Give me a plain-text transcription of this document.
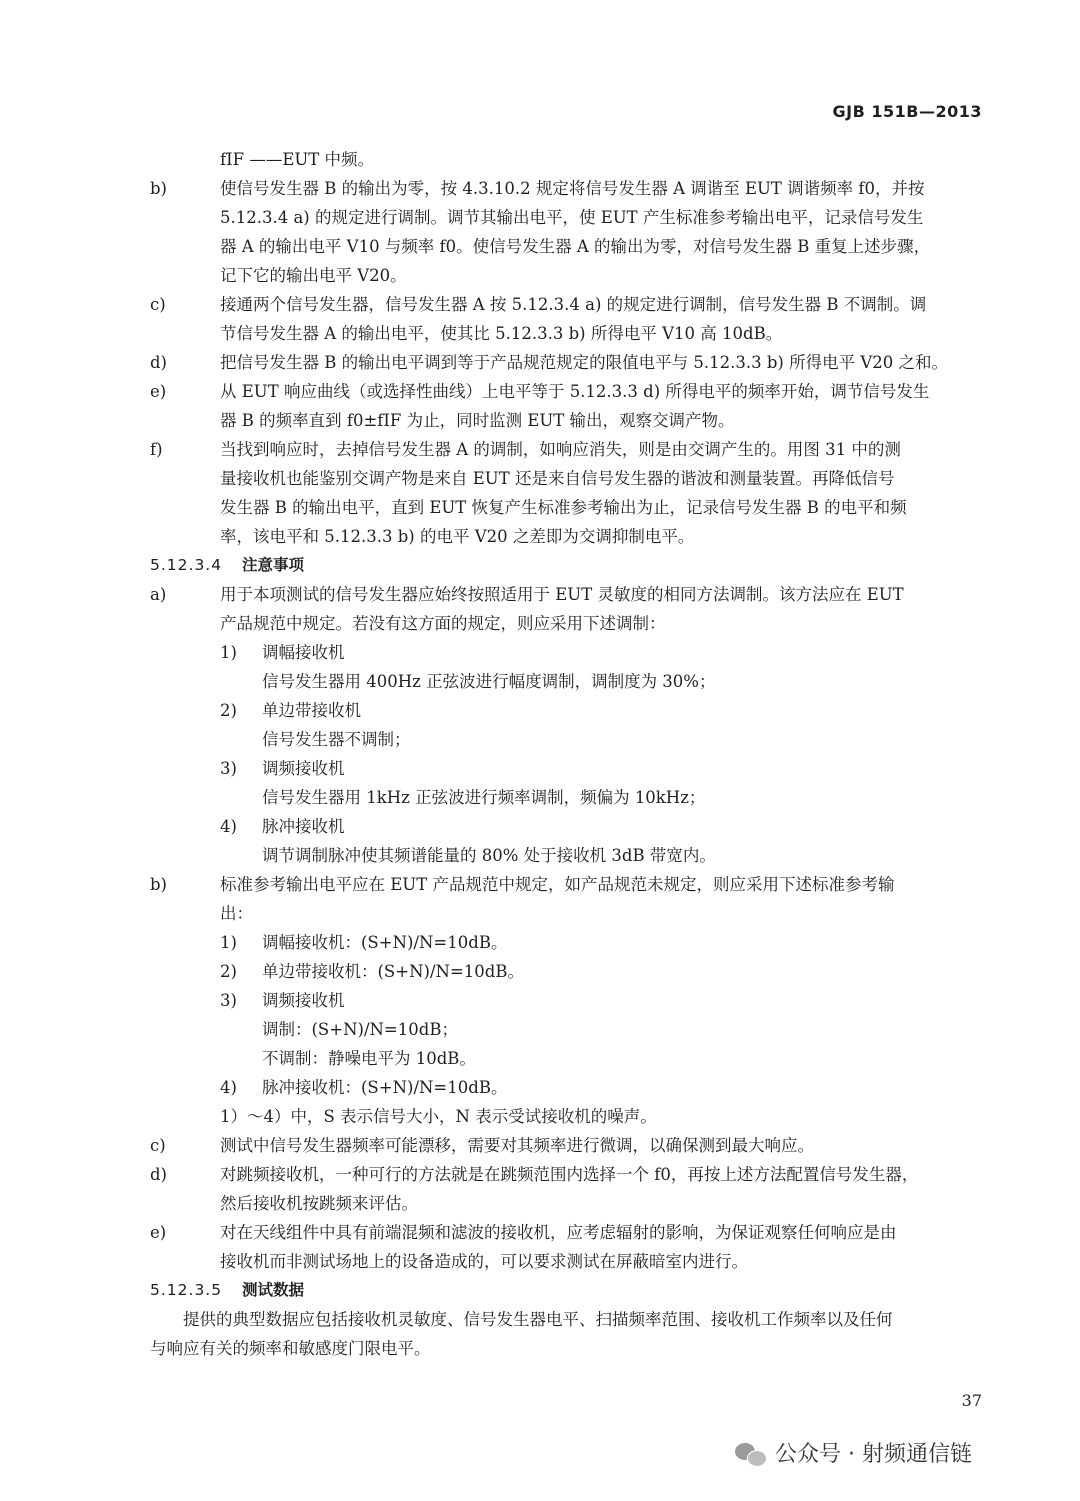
GJB 151B—2013
fIF ——EUT 中频。
b)	使信号发生器 B 的输出为零，按 4.3.10.2 规定将信号发生器 A 调谐至 EUT 调谐频率 f0，并按
5.12.3.4 a) 的规定进行调制。调节其输出电平，使 EUT 产生标准参考输出电平，记录信号发生
器 A 的输出电平 V10 与频率 f0。使信号发生器 A 的输出为零，对信号发生器 B 重复上述步骤，
记下它的输出电平 V20。
c)	接通两个信号发生器，信号发生器 A 按 5.12.3.4 a) 的规定进行调制，信号发生器 B 不调制。调
节信号发生器 A 的输出电平，使其比 5.12.3.3 b) 所得电平 V10 高 10dB。
d)	把信号发生器 B 的输出电平调到等于产品规范规定的限值电平与 5.12.3.3 b) 所得电平 V20 之和。
e)	从 EUT 响应曲线（或选择性曲线）上电平等于 5.12.3.3 d) 所得电平的频率开始，调节信号发生
器 B 的频率直到 f0±fIF 为止，同时监测 EUT 输出，观察交调产物。
f)	当找到响应时，去掉信号发生器 A 的调制，如响应消失，则是由交调产生的。用图 31 中的测
量接收机也能鉴别交调产物是来自 EUT 还是来自信号发生器的谐波和测量装置。再降低信号
发生器 B 的输出电平，直到 EUT 恢复产生标准参考输出为止，记录信号发生器 B 的电平和频
率，该电平和 5.12.3.3 b) 的电平 V20 之差即为交调抑制电平。
5.12.3.4 注意事项
a)	用于本项测试的信号发生器应始终按照适用于 EUT 灵敏度的相同方法调制。该方法应在 EUT
产品规范中规定。若没有这方面的规定，则应采用下述调制：
1)	调幅接收机
信号发生器用 400Hz 正弦波进行幅度调制，调制度为 30%；
2)	单边带接收机
信号发生器不调制；
3)	调频接收机
信号发生器用 1kHz 正弦波进行频率调制，频偏为 10kHz；
4)	脉冲接收机
调节调制脉冲使其频谱能量的 80% 处于接收机 3dB 带宽内。
b)	标准参考输出电平应在 EUT 产品规范中规定，如产品规范未规定，则应采用下述标准参考输
出：
1)	调幅接收机：(S+N)/N=10dB。
2)	单边带接收机：(S+N)/N=10dB。
3)	调频接收机
调制：(S+N)/N=10dB；
不调制：静噪电平为 10dB。
4)	脉冲接收机：(S+N)/N=10dB。
1）～4）中，S 表示信号大小，N 表示受试接收机的噪声。
c)	测试中信号发生器频率可能漂移，需要对其频率进行微调，以确保测到最大响应。
d)	对跳频接收机，一种可行的方法就是在跳频范围内选择一个 f0，再按上述方法配置信号发生器，
然后接收机按跳频来评估。
e)	对在天线组件中具有前端混频和滤波的接收机，应考虑辐射的影响，为保证观察任何响应是由
接收机而非测试场地上的设备造成的，可以要求测试在屏蔽暗室内进行。
5.12.3.5 测试数据
提供的典型数据应包括接收机灵敏度、信号发生器电平、扫描频率范围、接收机工作频率以及任何
与响应有关的频率和敏感度门限电平。
37
公众号 · 射频通信链
